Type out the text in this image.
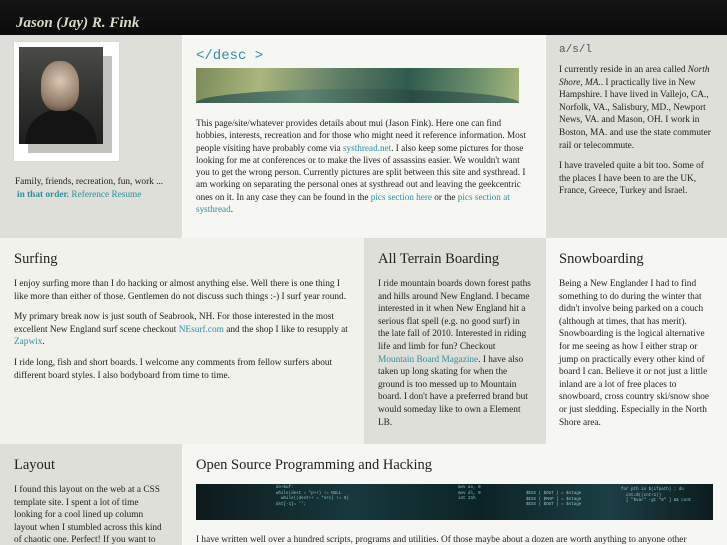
Jason (Jay) R. Fink

Family, friends, recreation, fun, work ...

in that order. Reference Resume

</desc >

This page/site/whatever provides details about mui (Jason Fink). Here one can find hobbies, interests, recreation and for those who might need it reference information. Most people visiting have probably come via systhread.net. I also keep some pictures for those looking for me at conferences or to make the lives of assassins easier. We wouldn't want you to get the wrong person. Currently pictures are split between this site and systhread. I am working on separating the personal ones at systhread out and leaving the geekcentric ones on it. In any case they can be found in the pics section here or the pics section at systhread.

a/s/l

I currently reside in an area called North Shore, MA.. I practically live in New Hampshire. I have lived in Vallejo, CA., Norfolk, VA., Salisbury, MD., Newport News, VA. and Mason, OH. I work in Boston, MA. and use the state commuter rail or telecommute.

I have traveled quite a bit too. Some of the places I have been to are the UK, France, Greece, Turkey and Israel.

Surfing

I enjoy surfing more than I do hacking or almost anything else. Well there is one thing I like more than either of those. Gentlemen do not discuss such things :-) I surf year round.

My primary break now is just south of Seabrook, NH. For those interested in the most excellent New England surf scene checkout NEsurf.com and the shop I like to resupply at Zapwix.

I ride long, fish and short boards. I welcome any comments from fellow surfers about different board styles. I also bodyboard from time to time.

All Terrain Boarding

I ride mountain boards down forest paths and hills around New England. I became interested in it when New England hit a serious flat spell (e.g. no good surf) in the late fall of 2010. Interested in riding life and limb for fun? Checkout Mountain Board Magazine. I have also taken up long skating for when the ground is too messed up to Mountain board. I don't have a preferred brand but would someday like to own a Element LB.

Snowboarding

Being a New Englander I had to find something to do during the winter that didn't involve being parked on a couch (although at times, that has merit). Snowboarding is the logical alternative for me seeing as how I either strap or jump on practically every other kind of board I can. Believe it or not just a little inland are a lot of free places to snowboard, cross country ski/snow shoe or just sledding. Especially in the North Shore area.

Layout

I found this layout on the web at a CSS template site. I spent a lot of time looking for a cool lined up column layout when I stumbled across this kind of chaotic one. Perfect! If you want to

Open Source Programming and Hacking
do+buf:
while(dest = *p++) != NULL
while((dest++ = *src) != 0)
dst[-1]= '';
mov ax, 0
mov dl, 0
int 21h
$ESX ( $OUT ) = $stage
$ESX ( $MAP ) = $stage
$ESX ( $OUT ) = $stage
for pth in $(ifpath) ; do
cnt=$((cnt+1))
[ "$var" -gt "0" ] && cont

I have written well over a hundred scripts, programs and utilities. Of those maybe about a dozen are worth anything to anyone other
